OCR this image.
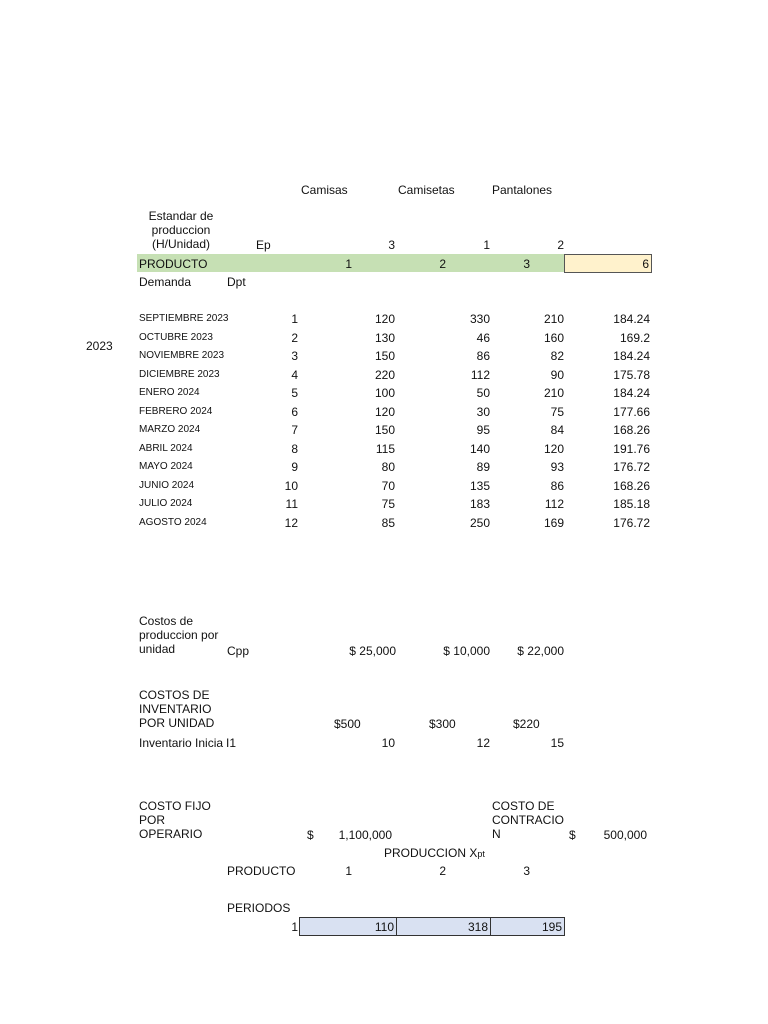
Camisas	Camisetas	Pantalones
Estandar de produccion (H/Unidad)	Ep	3	1	2
PRODUCTO	1	2	3	6
Demanda	Dpt
2023
SEPTIEMBRE 2023	1	120	330	210	184.24
OCTUBRE 2023	2	130	46	160	169.2
NOVIEMBRE 2023	3	150	86	82	184.24
DICIEMBRE 2023	4	220	112	90	175.78
ENERO 2024	5	100	50	210	184.24
FEBRERO 2024	6	120	30	75	177.66
MARZO 2024	7	150	95	84	168.26
ABRIL 2024	8	115	140	120	191.76
MAYO 2024	9	80	89	93	176.72
JUNIO 2024	10	70	135	86	168.26
JULIO 2024	11	75	183	112	185.18
AGOSTO 2024	12	85	250	169	176.72
Costos de produccion por unidad	Cpp	$ 25,000	$ 10,000	$ 22,000
COSTOS DE INVENTARIO POR UNIDAD	$500	$300	$220
Inventario Inicia I1	10	12	15
COSTO FIJO POR OPERARIO	$	1,100,000
COSTO DE CONTRACIO N	$	500,000
PRODUCCION Xpt
PRODUCTO	1	2	3
PERIODOS
1	110	318	195
